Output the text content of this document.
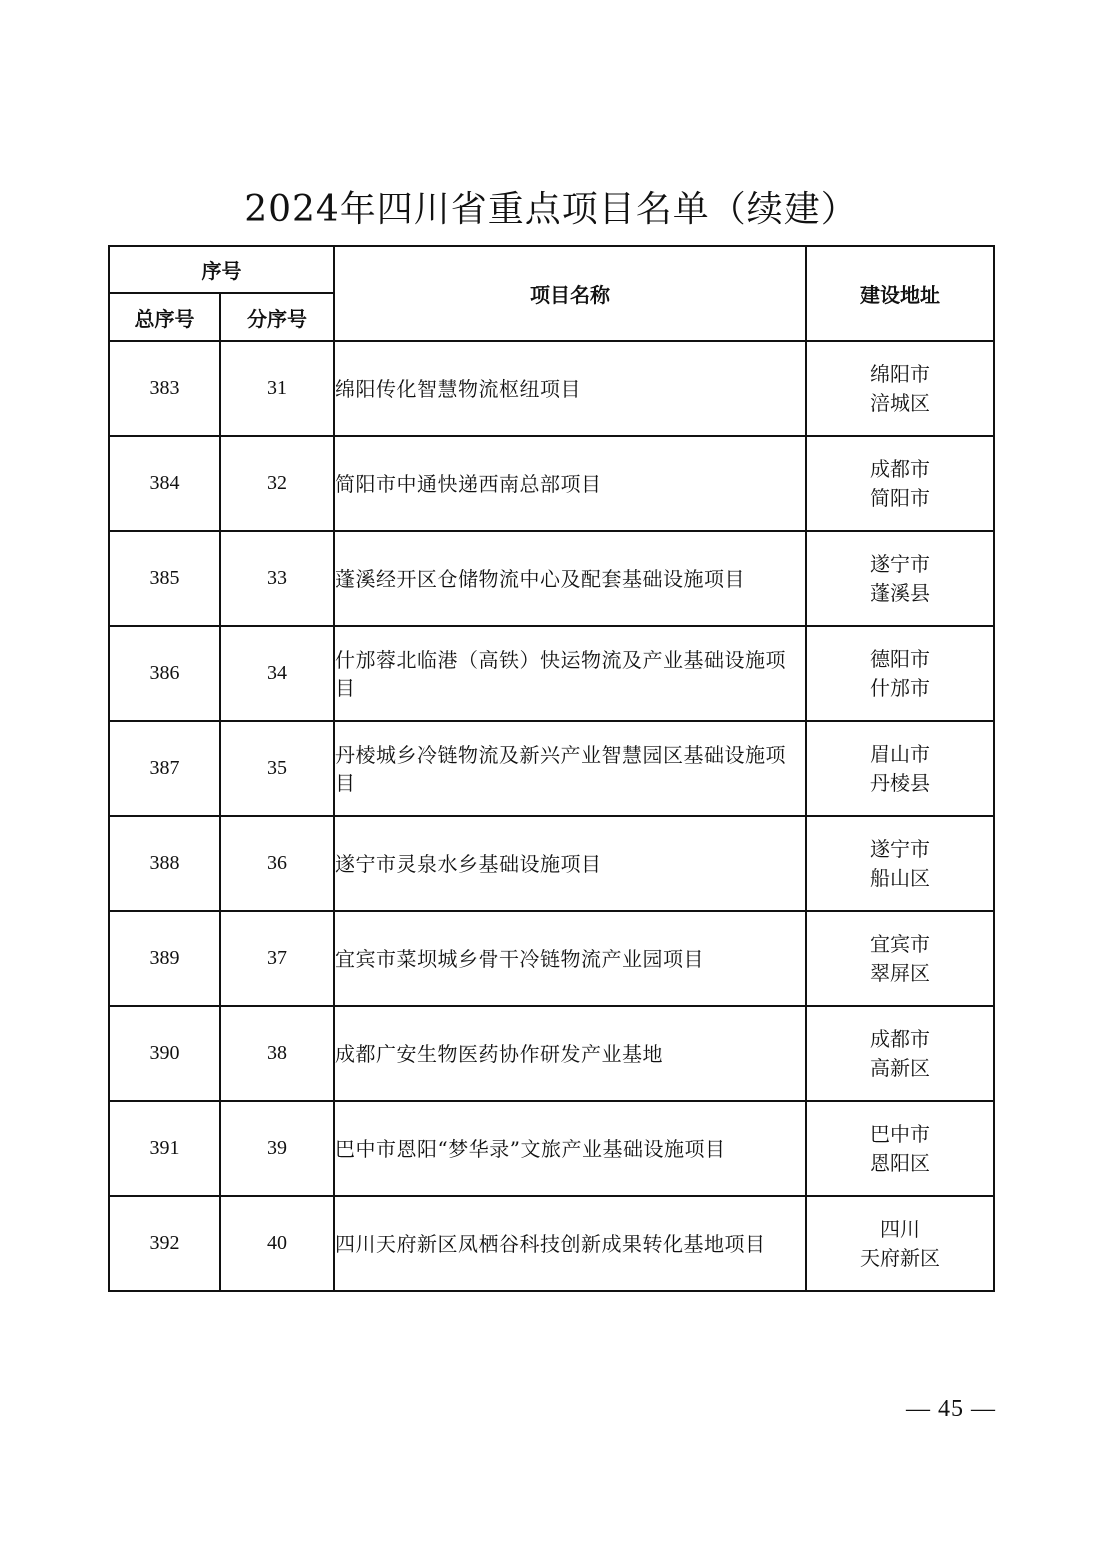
2024年四川省重点项目名单（续建）
序号		项目名称	建设地址
总序号	分序号		
383	31	绵阳传化智慧物流枢纽项目	绵阳市
涪城区

384	32	简阳市中通快递西南总部项目	成都市
简阳市

385	33	蓬溪经开区仓储物流中心及配套基础设施项目	遂宁市
蓬溪县

386	34	什邡蓉北临港（高铁）快运物流及产业基础设施项目	德阳市
什邡市

387	35	丹棱城乡冷链物流及新兴产业智慧园区基础设施项目	眉山市
丹棱县

388	36	遂宁市灵泉水乡基础设施项目	遂宁市
船山区

389	37	宜宾市菜坝城乡骨干冷链物流产业园项目	宜宾市
翠屏区

390	38	成都广安生物医药协作研发产业基地	成都市
高新区

391	39	巴中市恩阳“梦华录”文旅产业基础设施项目	巴中市
恩阳区

392	40	四川天府新区凤栖谷科技创新成果转化基地项目	四川
天府新区
— 45 —
